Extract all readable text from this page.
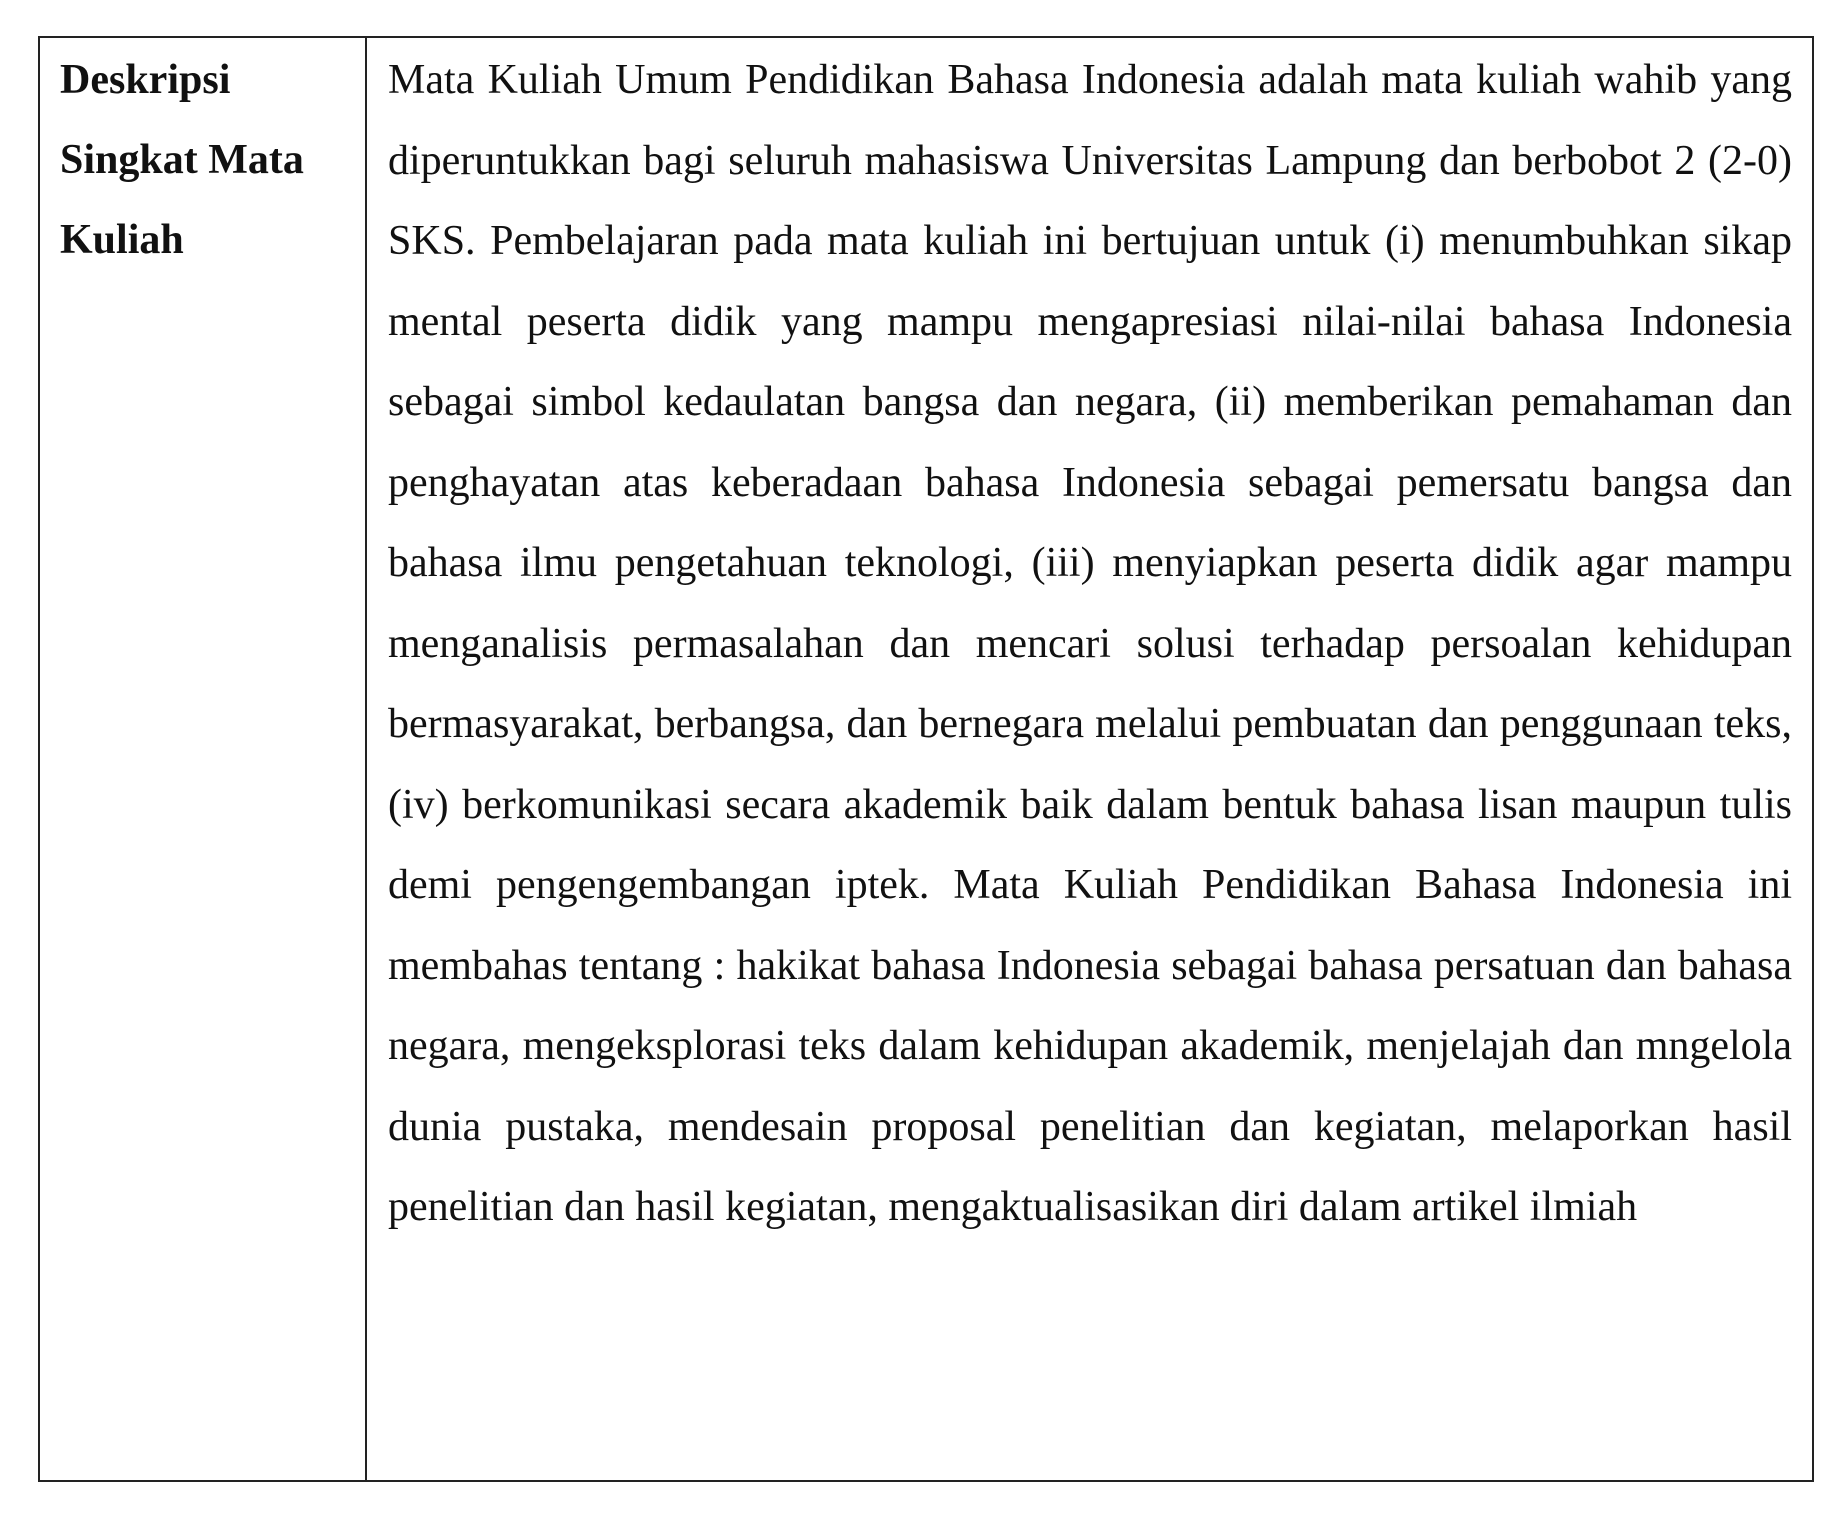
Deskripsi
Singkat Mata
Kuliah

Mata Kuliah Umum Pendidikan Bahasa Indonesia adalah mata kuliah wahib yang diperuntukkan bagi seluruh mahasiswa Universitas Lampung dan berbobot 2 (2-0) SKS. Pembelajaran pada mata kuliah ini bertujuan untuk (i) menumbuhkan sikap mental peserta didik yang mampu mengapresiasi nilai-nilai bahasa Indonesia sebagai simbol kedaulatan bangsa dan negara, (ii) memberikan pemahaman dan penghayatan atas keberadaan bahasa Indonesia sebagai pemersatu bangsa dan bahasa ilmu pengetahuan teknologi, (iii) menyiapkan peserta didik agar mampu menganalisis permasalahan dan mencari solusi terhadap persoalan kehidupan bermasyarakat, berbangsa, dan bernegara melalui pembuatan dan penggunaan teks, (iv) berkomunikasi secara akademik baik dalam bentuk bahasa lisan maupun tulis demi pengengembangan iptek. Mata Kuliah Pendidikan Bahasa Indonesia ini membahas tentang : hakikat bahasa Indonesia sebagai bahasa persatuan dan bahasa negara, mengeksplorasi teks dalam kehidupan akademik, menjelajah dan mngelola dunia pustaka, mendesain proposal penelitian dan kegiatan, melaporkan hasil penelitian dan hasil kegiatan, mengaktualisasikan diri dalam artikel ilmiah
